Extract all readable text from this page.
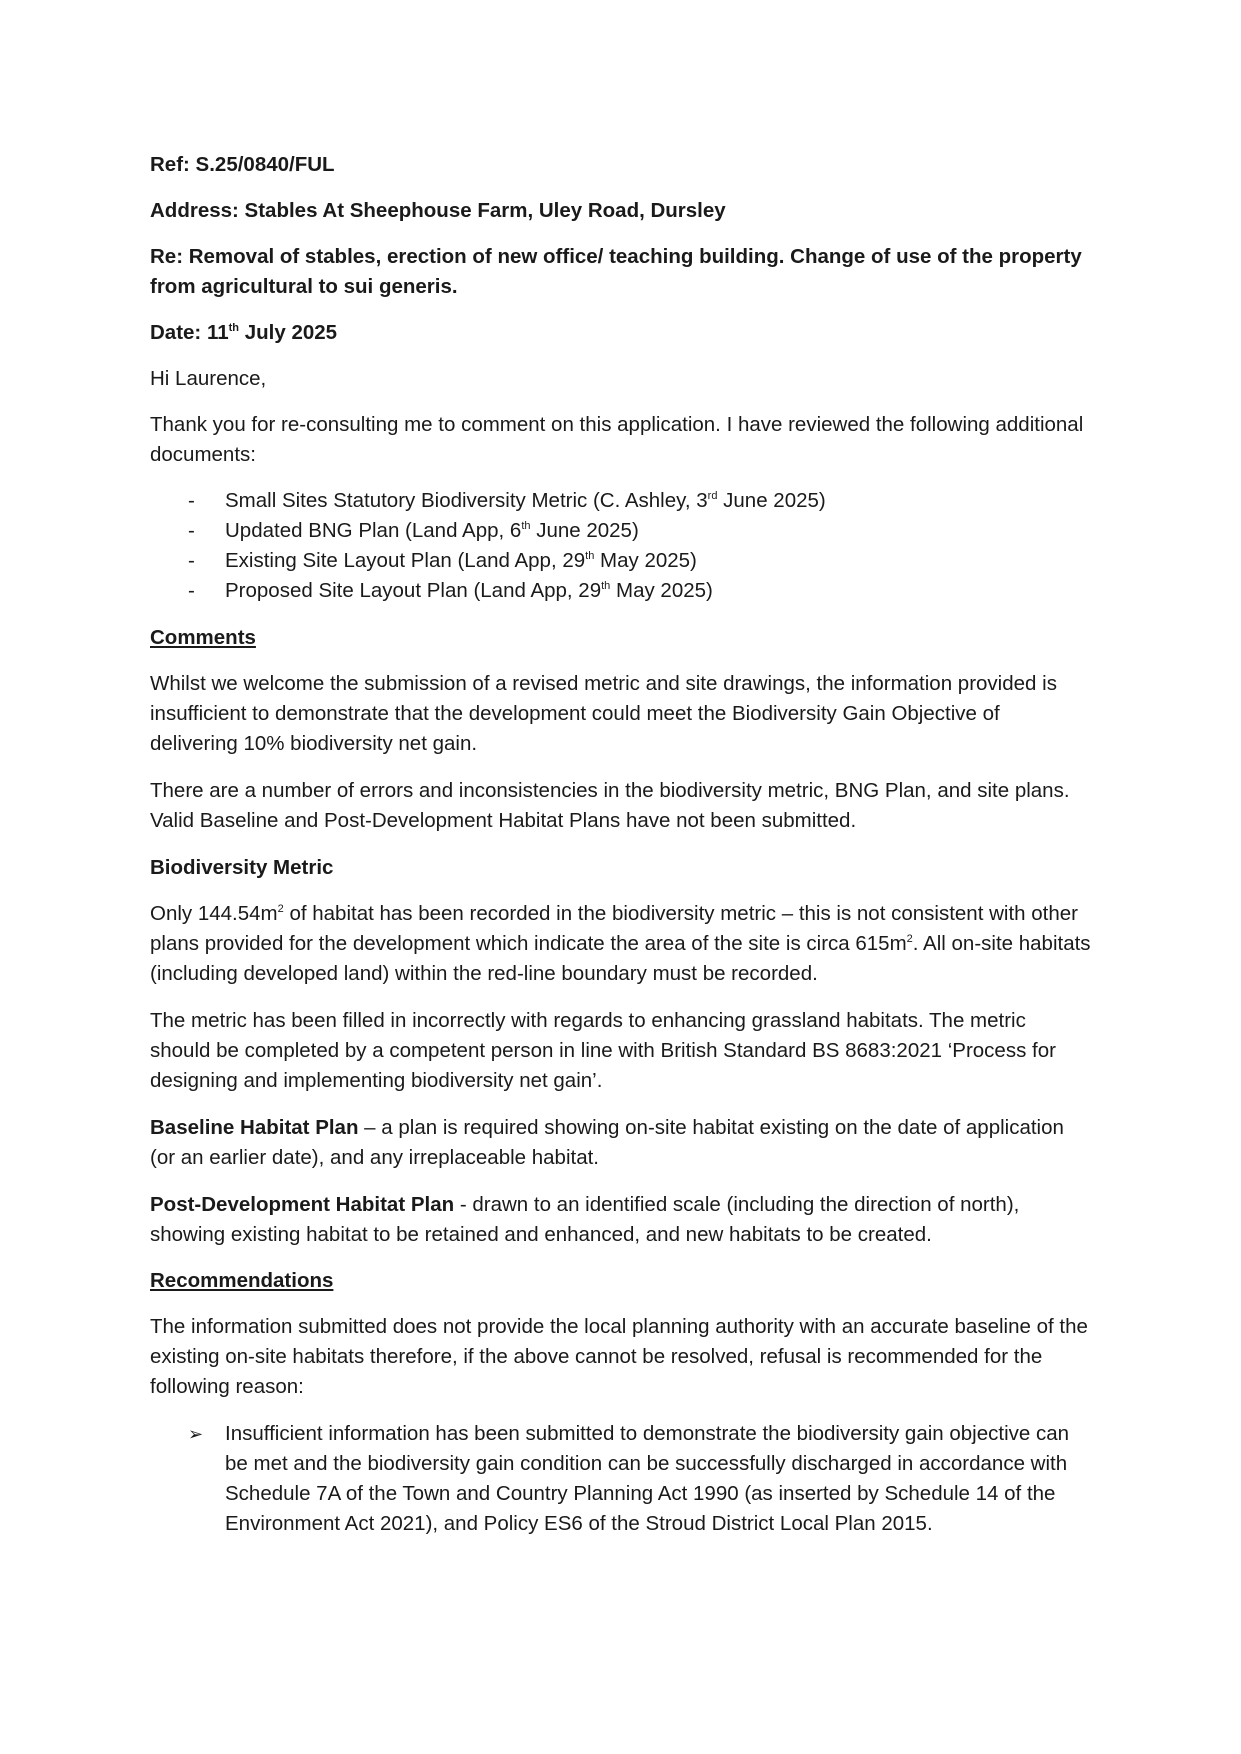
Ref: S.25/0840/FUL

Address: Stables At Sheephouse Farm, Uley Road, Dursley

Re: Removal of stables, erection of new office/ teaching building. Change of use of the property from agricultural to sui generis.

Date: 11th July 2025

Hi Laurence,

Thank you for re-consulting me to comment on this application. I have reviewed the following additional documents:

- Small Sites Statutory Biodiversity Metric (C. Ashley, 3rd June 2025)
- Updated BNG Plan (Land App, 6th June 2025)
- Existing Site Layout Plan (Land App, 29th May 2025)
- Proposed Site Layout Plan (Land App, 29th May 2025)

Comments

Whilst we welcome the submission of a revised metric and site drawings, the information provided is insufficient to demonstrate that the development could meet the Biodiversity Gain Objective of delivering 10% biodiversity net gain.

There are a number of errors and inconsistencies in the biodiversity metric, BNG Plan, and site plans. Valid Baseline and Post-Development Habitat Plans have not been submitted.

Biodiversity Metric

Only $144.54m^2$ of habitat has been recorded in the biodiversity metric – this is not consistent with other plans provided for the development which indicate the area of the site is circa $615m^2$. All on-site habitats (including developed land) within the red-line boundary must be recorded.

The metric has been filled in incorrectly with regards to enhancing grassland habitats. The metric should be completed by a competent person in line with British Standard BS 8683:2021 ‘Process for designing and implementing biodiversity net gain’.

Baseline Habitat Plan – a plan is required showing on-site habitat existing on the date of application (or an earlier date), and any irreplaceable habitat.

Post-Development Habitat Plan - drawn to an identified scale (including the direction of north), showing existing habitat to be retained and enhanced, and new habitats to be created.

Recommendations

The information submitted does not provide the local planning authority with an accurate baseline of the existing on-site habitats therefore, if the above cannot be resolved, refusal is recommended for the following reason:

➢ Insufficient information has been submitted to demonstrate the biodiversity gain objective can be met and the biodiversity gain condition can be successfully discharged in accordance with Schedule 7A of the Town and Country Planning Act 1990 (as inserted by Schedule 14 of the Environment Act 2021), and Policy ES6 of the Stroud District Local Plan 2015.
